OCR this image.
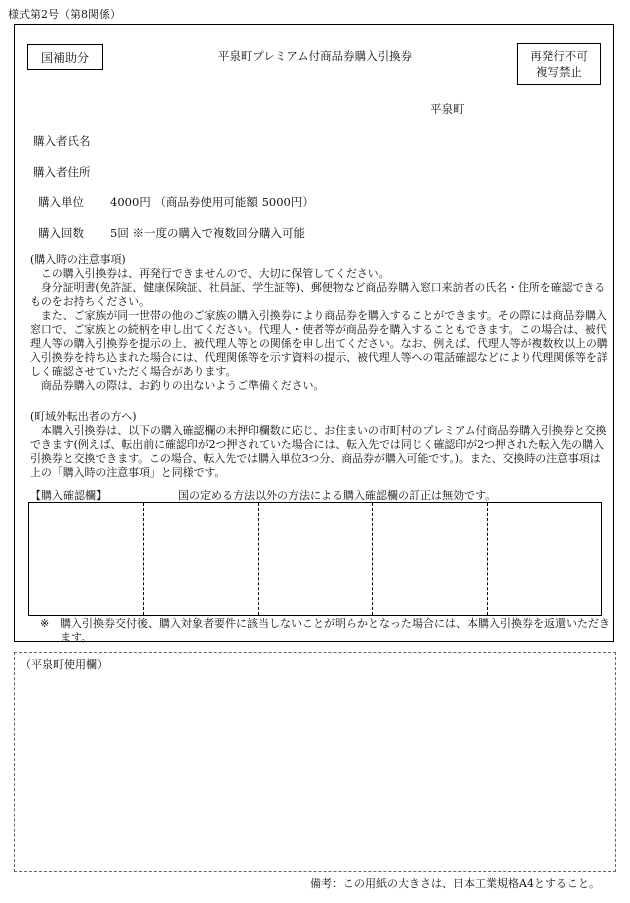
様式第2号（第8関係）
国補助分	平泉町プレミアム付商品券購入引換券	再発行不可
複写禁止
平泉町
購入者氏名
購入者住所
購入単位 4000円 （商品券使用可能額 5000円）
購入回数 5回 ※一度の購入で複数回分購入可能

(購入時の注意事項)

　この購入引換券は、再発行できませんので、大切に保管してください。

　身分証明書(免許証、健康保険証、社員証、学生証等)、郵便物など商品券購入窓口来訪者の氏名・住所を確認できるものをお持ちください。

　また、ご家族が同一世帯の他のご家族の購入引換券により商品券を購入することができます。その際には商品券購入窓口で、ご家族との続柄を申し出てください。代理人・使者等が商品券を購入することもできます。この場合は、被代理人等の購入引換券を提示の上、被代理人等との関係を申し出てください。なお、例えば、代理人等が複数枚以上の購入引換券を持ち込まれた場合には、代理関係等を示す資料の提示、被代理人等への電話確認などにより代理関係等を詳しく確認させていただく場合があります。

　商品券購入の際は、お釣りの出ないようご準備ください。

(町域外転出者の方へ)

　本購入引換券は、以下の購入確認欄の未押印欄数に応じ、お住まいの市町村のプレミアム付商品券購入引換券と交換できます(例えば、転出前に確認印が2つ押されていた場合には、転入先では同じく確認印が2つ押された転入先の購入引換券と交換できます。この場合、転入先では購入単位3つ分、商品券が購入可能です。)。また、交換時の注意事項は上の「購入時の注意事項」と同様です。

【購入確認欄】	国の定める方法以外の方法による購入確認欄の訂正は無効です。
※ 購入引換券交付後、購入対象者要件に該当しないことが明らかとなった場合には、本購入引換券を返還いただきます。
（平泉町使用欄）
備考：この用紙の大きさは、日本工業規格A4とすること。
